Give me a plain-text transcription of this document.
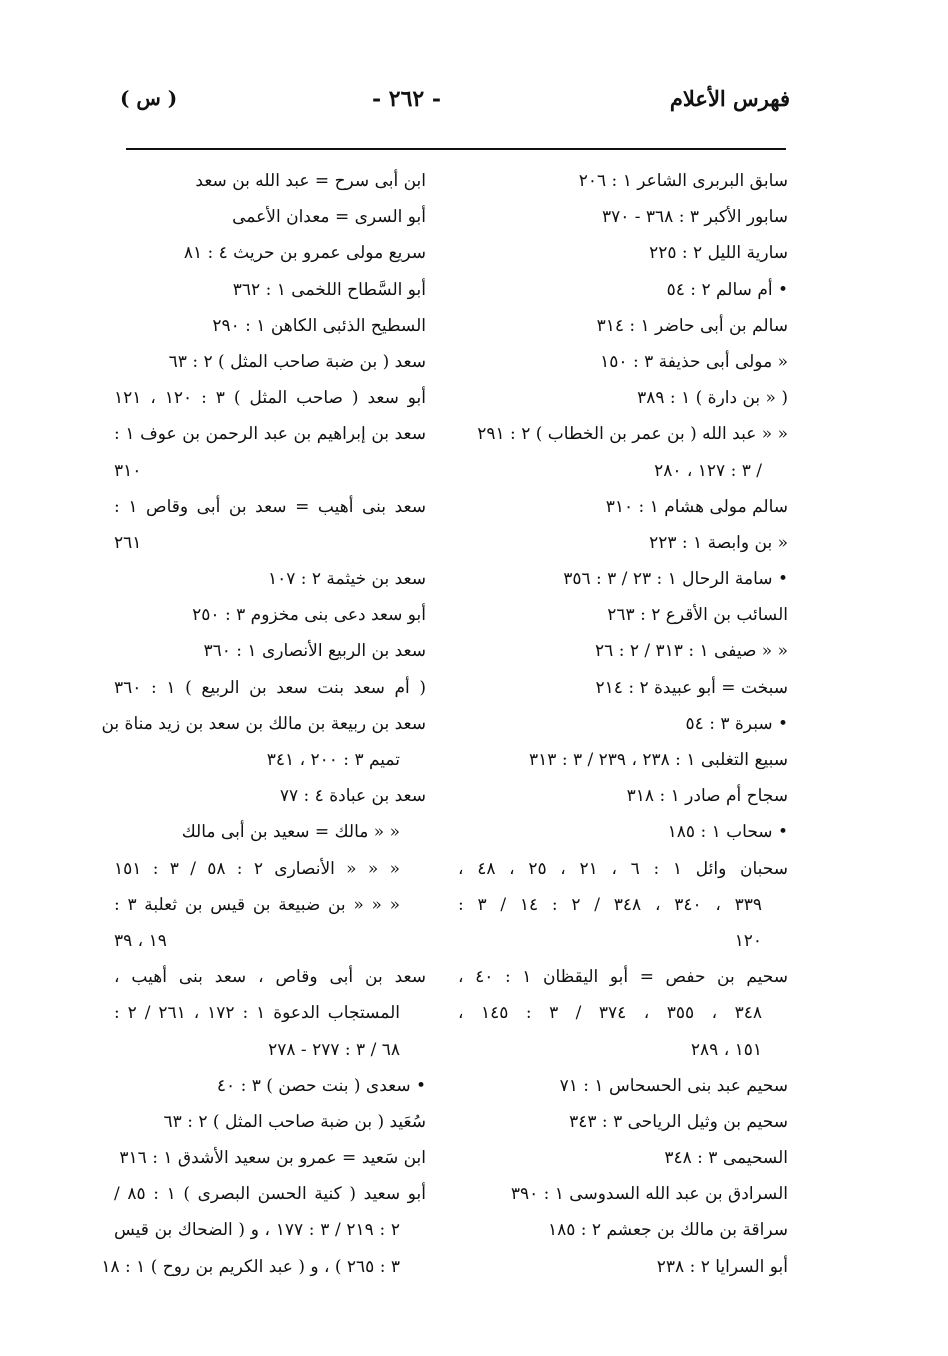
فهرس الأعلام
- ٢٦٢ -
( س )
سابق البربرى الشاعر ١ : ٢٠٦
سابور الأكبر ٣ : ٣٦٨ - ٣٧٠
سارية الليل ٢ : ٢٢٥
• أم سالم ٢ : ٥٤
سالم بن أبى حاضر ١ : ٣١٤
« مولى أبى حذيفة ٣ : ١٥٠
( « بن دارة ) ١ : ٣٨٩
« « عبد الله ( بن عمر بن الخطاب ) ٢ : ٢٩١
/ ٣ : ١٢٧ ، ٢٨٠
سالم مولى هشام ١ : ٣١٠
« بن وابصة ١ : ٢٢٣
• سامة الرحال ١ : ٢٣ / ٣ : ٣٥٦
السائب بن الأقرع ٢ : ٢٦٣
« « صيفى ١ : ٣١٣ / ٢ : ٢٦
سبخت = أبو عبيدة ٢ : ٢١٤
• سبرة ٣ : ٥٤
سبيع التغلبى ١ : ٢٣٨ ، ٢٣٩ / ٣ : ٣١٣
سجاح أم صادر ١ : ٣١٨
• سحاب ١ : ١٨٥
سحبان وائل ١ : ٦ ، ٢١ ، ٢٥ ، ٤٨ ،
٣٣٩ ، ٣٤٠ ، ٣٤٨ / ٢ : ١٤ / ٣ :
١٢٠
سحيم بن حفص = أبو اليقظان ١ : ٤٠ ،
٣٤٨ ، ٣٥٥ ، ٣٧٤ / ٣ : ١٤٥ ،
١٥١ ، ٢٨٩
سحيم عبد بنى الحسحاس ١ : ٧١
سحيم بن وثيل الرياحى ٣ : ٣٤٣
السحيمى ٣ : ٣٤٨
السرادق بن عبد الله السدوسى ١ : ٣٩٠
سراقة بن مالك بن جعشم ٢ : ١٨٥
أبو السرايا ٢ : ٢٣٨
ابن أبى سرح = عبد الله بن سعد
أبو السرى = معدان الأعمى
سريع مولى عمرو بن حريث ٤ : ٨١
أبو السَّطاح اللخمى ١ : ٣٦٢
السطيح الذئبى الكاهن ١ : ٢٩٠
سعد ( بن ضبة صاحب المثل ) ٢ : ٦٣
أبو سعد ( صاحب المثل ) ٣ : ١٢٠ ، ١٢١
سعد بن إبراهيم بن عبد الرحمن بن عوف ١ :
٣١٠
سعد بنى أهيب = سعد بن أبى وقاص ١ :
٢٦١
سعد بن خيثمة ٢ : ١٠٧
أبو سعد دعى بنى مخزوم ٣ : ٢٥٠
سعد بن الربيع الأنصارى ١ : ٣٦٠
( أم سعد بنت سعد بن الربيع ) ١ : ٣٦٠
سعد بن ربيعة بن مالك بن سعد بن زيد مناة بن
تميم ٣ : ٢٠٠ ، ٣٤١
سعد بن عبادة ٤ : ٧٧
« « مالك = سعيد بن أبى مالك
« « « الأنصارى ٢ : ٥٨ / ٣ : ١٥١
« « « بن ضبيعة بن قيس بن ثعلبة ٣ :
١٩ ، ٣٩
سعد بن أبى وقاص ، سعد بنى أهيب ،
المستجاب الدعوة ١ : ١٧٢ ، ٢٦١ / ٢ :
٦٨ / ٣ : ٢٧٧ - ٢٧٨
• سعدى ( بنت حصن ) ٣ : ٤٠
سُعَيد ( بن ضبة صاحب المثل ) ٢ : ٦٣
ابن سَعيد = عمرو بن سعيد الأشدق ١ : ٣١٦
أبو سعيد ( كنية الحسن البصرى ) ١ : ٨٥ /
٢ : ٢١٩ / ٣ : ١٧٧ ، و ( الضحاك بن قيس
٣ : ٢٦٥ ) ، و ( عبد الكريم بن روح ) ١ : ١٨
